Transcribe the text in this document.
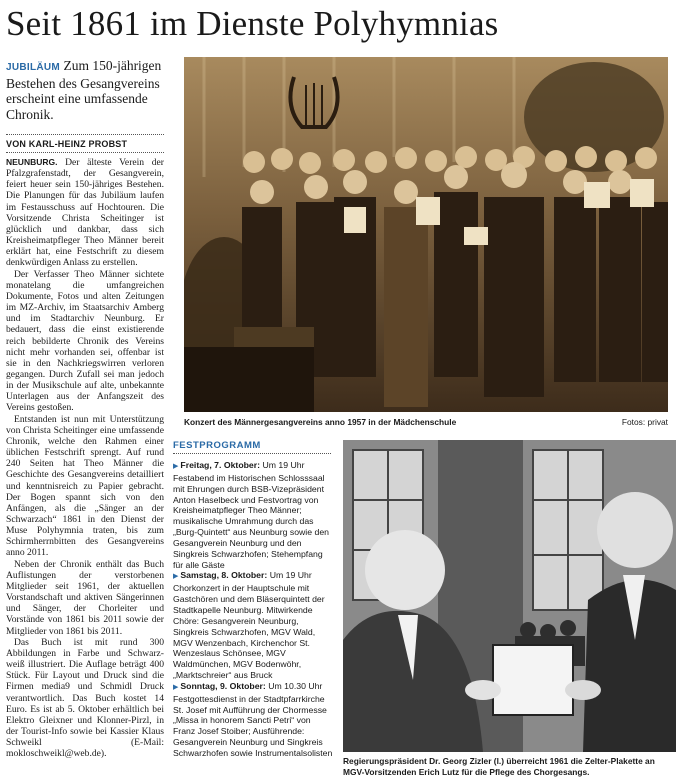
Seit 1861 im Dienste Polyhymnias
JUBILÄUM Zum 150-jährigen Bestehen des Gesangvereins erscheint eine umfassende Chronik.
VON KARL-HEINZ PROBST

NEUNBURG. Der älteste Verein der Pfalzgrafenstadt, der Gesangverein, feiert heuer sein 150-jähriges Bestehen. Die Planungen für das Jubiläum laufen im Festausschuss auf Hochtouren. Die Vorsitzende Christa Scheitinger ist glücklich und dankbar, dass sich Kreisheimatpfleger Theo Männer bereit erklärt hat, eine Festschrift zu diesem denkwürdigen Anlass zu erstellen.

Der Verfasser Theo Männer sichtete monatelang die umfangreichen Dokumente, Fotos und alten Zeitungen im MZ-Archiv, im Staatsarchiv Amberg und im Stadtarchiv Neunburg. Er bedauert, dass die einst existierende reich bebilderte Chronik des Vereins nicht mehr vorhanden sei, offenbar ist sie in den Nachkriegswirren verloren gegangen. Durch Zufall sei man jedoch in der Musikschule auf alte, unbekannte Unterlagen aus der Anfangszeit des Vereins gestoßen.

Entstanden ist nun mit Unterstützung von Christa Scheitinger eine umfassende Chronik, welche den Rahmen einer üblichen Festschrift sprengt. Auf rund 240 Seiten hat Theo Männer die Geschichte des Gesangvereins detailliert und kenntnisreich zu Papier gebracht. Der Bogen spannt sich von den Anfängen, als die „Sänger an der Schwarzach“ 1861 in den Dienst der Muse Polyhymnia traten, bis zum Schirmherrnbitten des Gesangvereins anno 2011.

Neben der Chronik enthält das Buch Auflistungen der verstorbenen Mitglieder seit 1961, der aktuellen Vorstandschaft und aktiven Sängerinnen und Sänger, der Chorleiter und Vorstände von 1861 bis 2011 sowie der Mitglieder von 1861 bis 2011.

Das Buch ist mit rund 300 Abbildungen in Farbe und Schwarz-weiß illustriert. Die Auflage beträgt 400 Stück. Für Layout und Druck sind die Firmen media9 und Schmidl Druck verantwortlich. Das Buch kostet 14 Euro. Es ist ab 5. Oktober erhältlich bei Elektro Gleixner und Klonner-Pirzl, in der Tourist-Info sowie bei Kassier Klaus Schweikl (E-Mail: mokloschweikl@web.de).

Konzert des Männergesangvereins anno 1957 in der Mädchenschule	Fotos: privat
FESTPROGRAMM

▶ Freitag, 7. Oktober: Um 19 Uhr Festabend im Historischen Schlosssaal mit Ehrungen durch BSB-Vizepräsident Anton Haselbeck und Festvortrag von Kreisheimatpfleger Theo Männer; musikalische Umrahmung durch das „Burg-Quintett“ aus Neunburg sowie den Gesangverein Neunburg und den Singkreis Schwarzhofen; Stehempfang für alle Gäste

▶ Samstag, 8. Oktober: Um 19 Uhr Chorkonzert in der Hauptschule mit Gastchören und dem Bläserquintett der Stadtkapelle Neunburg. Mitwirkende Chöre: Gesangverein Neunburg, Singkreis Schwarzhofen, MGV Wald, MGV Wenzenbach, Kirchenchor St. Wenzeslaus Schönsee, MGV Waldmünchen, MGV Bodenwöhr, „Marktschreier“ aus Bruck

▶ Sonntag, 9. Oktober: Um 10.30 Uhr Festgottesdienst in der Stadtpfarrkirche St. Josef mit Aufführung der Chormesse „Missa in honorem Sancti Petri“ von Franz Josef Stoiber; Ausführende: Gesangverein Neunburg und Singkreis Schwarzhofen sowie Instrumentalsolisten

Regierungspräsident Dr. Georg Zizler (l.) überreicht 1961 die Zelter-Plakette an MGV-Vorsitzenden Erich Lutz für die Pflege des Chorgesangs.
